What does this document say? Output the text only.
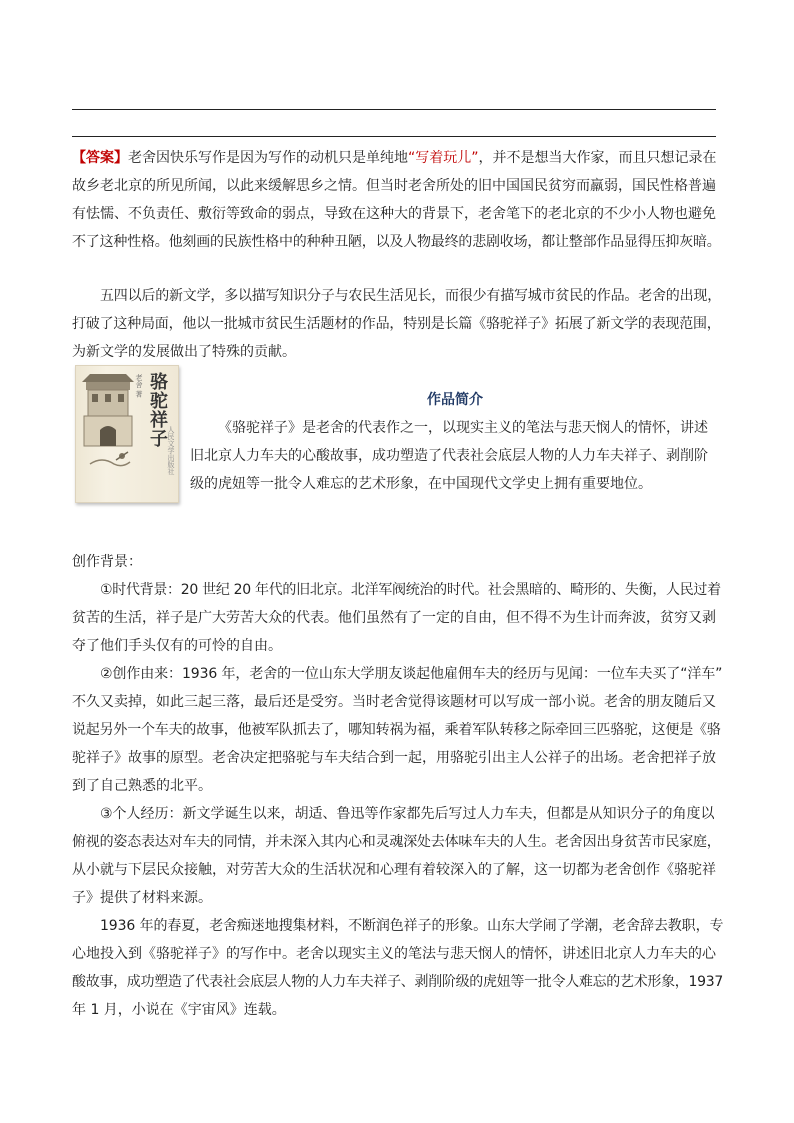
【答案】老舍因快乐写作是因为写作的动机只是单纯地“写着玩儿”，并不是想当大作家，而且只想记录在

故乡老北京的所见所闻，以此来缓解思乡之情。但当时老舍所处的旧中国国民贫穷而羸弱，国民性格普遍

有怯懦、不负责任、敷衍等致命的弱点，导致在这种大的背景下，老舍笔下的老北京的不少小人物也避免

不了这种性格。他刻画的民族性格中的种种丑陋，以及人物最终的悲剧收场，都让整部作品显得压抑灰暗。

五四以后的新文学，多以描写知识分子与农民生活见长，而很少有描写城市贫民的作品。老舍的出现，

打破了这种局面，他以一批城市贫民生活题材的作品，特别是长篇《骆驼祥子》拓展了新文学的表现范围，

为新文学的发展做出了特殊的贡献。

老舍 著 骆驼祥子
人民文学出版社

作品简介

《骆驼祥子》是老舍的代表作之一，以现实主义的笔法与悲天悯人的情怀，讲述

旧北京人力车夫的心酸故事，成功塑造了代表社会底层人物的人力车夫祥子、剥削阶

级的虎妞等一批令人难忘的艺术形象，在中国现代文学史上拥有重要地位。

创作背景：

①时代背景：20 世纪 20 年代的旧北京。北洋军阀统治的时代。社会黑暗的、畸形的、失衡，人民过着

贫苦的生活，祥子是广大劳苦大众的代表。他们虽然有了一定的自由，但不得不为生计而奔波，贫穷又剥

夺了他们手头仅有的可怜的自由。

②创作由来：1936 年，老舍的一位山东大学朋友谈起他雇佣车夫的经历与见闻：一位车夫买了“洋车”

不久又卖掉，如此三起三落，最后还是受穷。当时老舍觉得该题材可以写成一部小说。老舍的朋友随后又

说起另外一个车夫的故事，他被军队抓去了，哪知转祸为福，乘着军队转移之际牵回三匹骆驼，这便是《骆

驼祥子》故事的原型。老舍决定把骆驼与车夫结合到一起，用骆驼引出主人公祥子的出场。老舍把祥子放

到了自己熟悉的北平。

③个人经历：新文学诞生以来，胡适、鲁迅等作家都先后写过人力车夫，但都是从知识分子的角度以

俯视的姿态表达对车夫的同情，并未深入其内心和灵魂深处去体味车夫的人生。老舍因出身贫苦市民家庭，

从小就与下层民众接触，对劳苦大众的生活状况和心理有着较深入的了解，这一切都为老舍创作《骆驼祥

子》提供了材料来源。

1936 年的春夏，老舍痴迷地搜集材料，不断润色祥子的形象。山东大学闹了学潮，老舍辞去教职，专

心地投入到《骆驼祥子》的写作中。老舍以现实主义的笔法与悲天悯人的情怀，讲述旧北京人力车夫的心

酸故事，成功塑造了代表社会底层人物的人力车夫祥子、剥削阶级的虎妞等一批令人难忘的艺术形象，1937

年 1 月，小说在《宇宙风》连载。
